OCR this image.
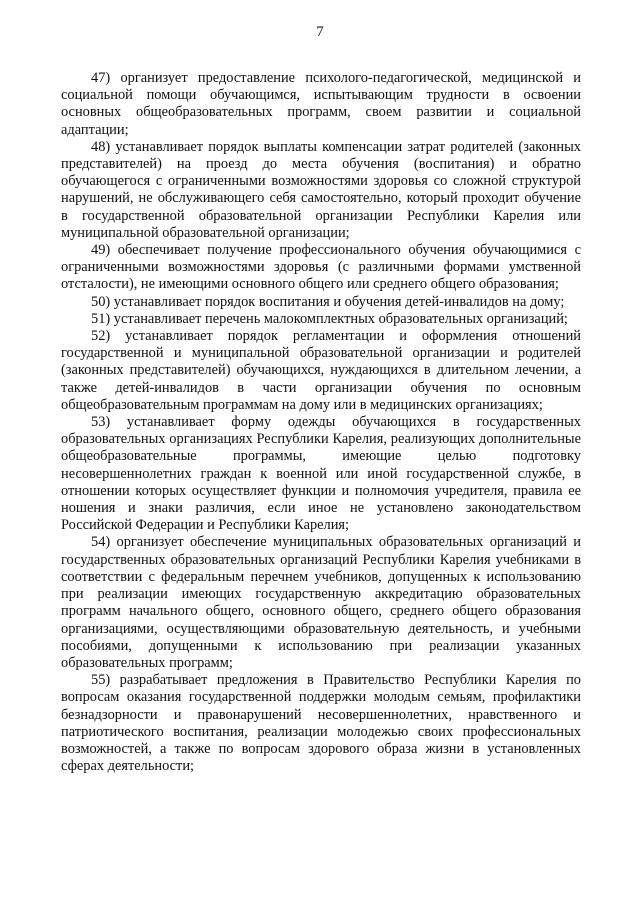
7

47) организует предоставление психолого-педагогической, медицинской и социальной помощи обучающимся, испытывающим трудности в освоении основных общеобразовательных программ, своем развитии и социальной адаптации;

48) устанавливает порядок выплаты компенсации затрат родителей (законных представителей) на проезд до места обучения (воспитания) и обратно обучающегося с ограниченными возможностями здоровья со сложной структурой нарушений, не обслуживающего себя самостоятельно, который проходит обучение в государственной образовательной организации Республики Карелия или муниципальной образовательной организации;

49) обеспечивает получение профессионального обучения обучающимися с ограниченными возможностями здоровья (с различными формами умственной отсталости), не имеющими основного общего или среднего общего образования;

50) устанавливает порядок воспитания и обучения детей-инвалидов на дому;

51) устанавливает перечень малокомплектных образовательных организаций;

52) устанавливает порядок регламентации и оформления отношений государственной и муниципальной образовательной организации и родителей (законных представителей) обучающихся, нуждающихся в длительном лечении, а также детей-инвалидов в части организации обучения по основным общеобразовательным программам на дому или в медицинских организациях;

53) устанавливает форму одежды обучающихся в государственных образовательных организациях Республики Карелия, реализующих дополнительные общеобразовательные программы, имеющие целью подготовку несовершеннолетних граждан к военной или иной государственной службе, в отношении которых осуществляет функции и полномочия учредителя, правила ее ношения и знаки различия, если иное не установлено законодательством Российской Федерации и Республики Карелия;

54) организует обеспечение муниципальных образовательных организаций и государственных образовательных организаций Республики Карелия учебниками в соответствии с федеральным перечнем учебников, допущенных к использованию при реализации имеющих государственную аккредитацию образовательных программ начального общего, основного общего, среднего общего образования организациями, осуществляющими образовательную деятельность, и учебными пособиями, допущенными к использованию при реализации указанных образовательных программ;

55) разрабатывает предложения в Правительство Республики Карелия по вопросам оказания государственной поддержки молодым семьям, профилактики безнадзорности и правонарушений несовершеннолетних, нравственного и патриотического воспитания, реализации молодежью своих профессиональных возможностей, а также по вопросам здорового образа жизни в установленных сферах деятельности;
